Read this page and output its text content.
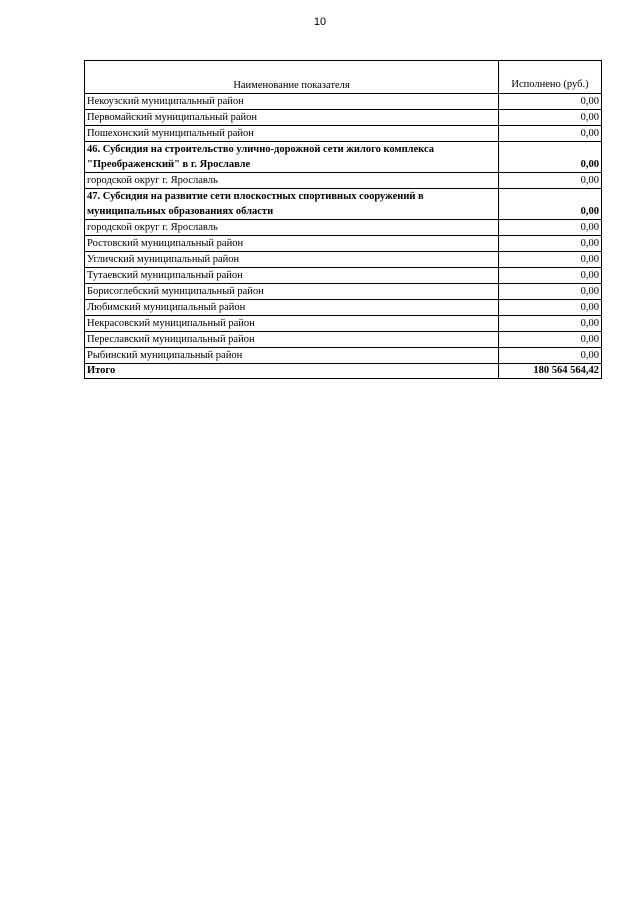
10
Наименование показателя	Исполнено (руб.)
Некоузский муниципальный район	0,00
Первомайский муниципальный район	0,00
Пошехонский муниципальный район	0,00
46. Субсидия на строительство улично-дорожной сети жилого комплекса "Преображенский" в г. Ярославле	0,00
городской округ г. Ярославль	0,00
47. Субсидия на развитие сети плоскостных спортивных сооружений в муниципальных образованиях области	0,00
городской округ г. Ярославль	0,00
Ростовский муниципальный район	0,00
Угличский муниципальный район	0,00
Тутаевский муниципальный район	0,00
Борисоглебский муниципальный район	0,00
Любимский муниципальный район	0,00
Некрасовский муниципальный район	0,00
Переславский муниципальный район	0,00
Рыбинский муниципальный район	0,00
Итого	180 564 564,42
